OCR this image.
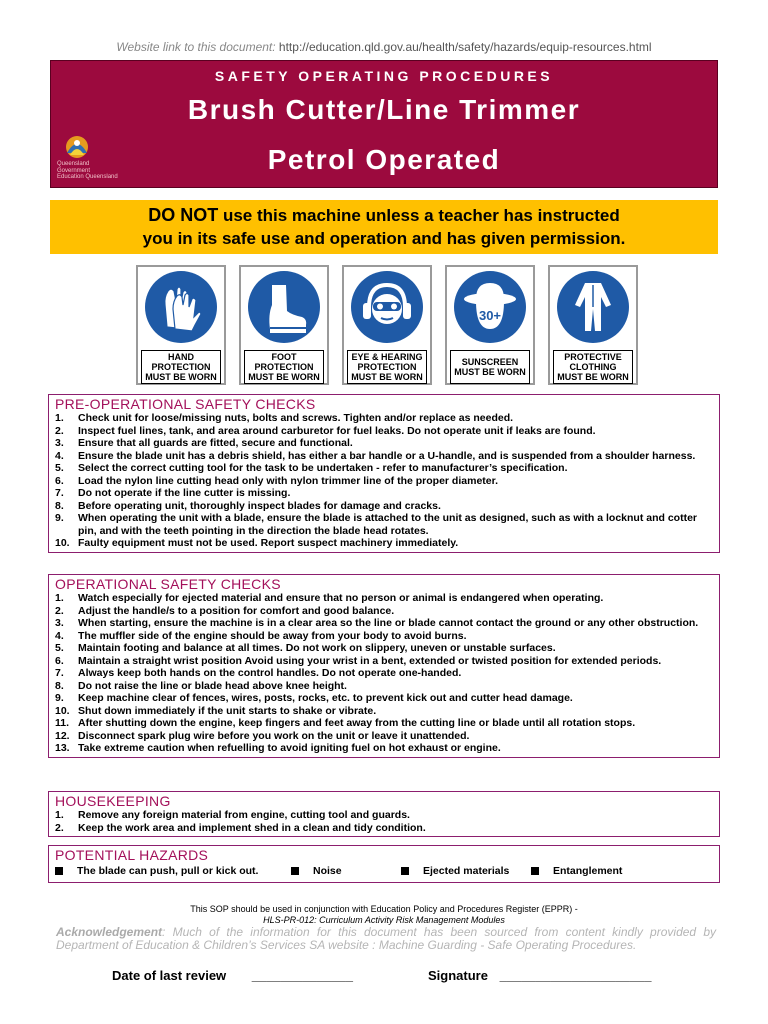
Website link to this document: http://education.qld.gov.au/health/safety/hazards/equip-resources.html
SAFETY OPERATING PROCEDURES
Brush Cutter/Line Trimmer
Petrol Operated
Queensland
Government
Education Queensland
DO NOT use this machine unless a teacher has instructed
you in its safe use and operation and has given permission.
HAND
PROTECTION
MUST BE WORN
FOOT
PROTECTION
MUST BE WORN
EYE & HEARING
PROTECTION
MUST BE WORN
30+
SUNSCREEN
MUST BE WORN
PROTECTIVE
CLOTHING
MUST BE WORN
PRE-OPERATIONAL SAFETY CHECKS
1. Check unit for loose/missing nuts, bolts and screws. Tighten and/or replace as needed.
2. Inspect fuel lines, tank, and area around carburetor for fuel leaks. Do not operate unit if leaks are found.
3. Ensure that all guards are fitted, secure and functional.
4. Ensure the blade unit has a debris shield, has either a bar handle or a U-handle, and is suspended from a shoulder harness.
5. Select the correct cutting tool for the task to be undertaken - refer to manufacturer’s specification.
6. Load the nylon line cutting head only with nylon trimmer line of the proper diameter.
7. Do not operate if the line cutter is missing.
8. Before operating unit, thoroughly inspect blades for damage and cracks.
9. When operating the unit with a blade, ensure the blade is attached to the unit as designed, such as with a locknut and cotter pin, and with the teeth pointing in the direction the blade head rotates.
10. Faulty equipment must not be used. Report suspect machinery immediately.
OPERATIONAL SAFETY CHECKS
1. Watch especially for ejected material and ensure that no person or animal is endangered when operating.
2. Adjust the handle/s to a position for comfort and good balance.
3. When starting, ensure the machine is in a clear area so the line or blade cannot contact the ground or any other obstruction.
4. The muffler side of the engine should be away from your body to avoid burns.
5. Maintain footing and balance at all times. Do not work on slippery, uneven or unstable surfaces.
6. Maintain a straight wrist position Avoid using your wrist in a bent, extended or twisted position for extended periods.
7. Always keep both hands on the control handles. Do not operate one-handed.
8. Do not raise the line or blade head above knee height.
9. Keep machine clear of fences, wires, posts, rocks, etc. to prevent kick out and cutter head damage.
10. Shut down immediately if the unit starts to shake or vibrate.
11. After shutting down the engine, keep fingers and feet away from the cutting line or blade until all rotation stops.
12. Disconnect spark plug wire before you work on the unit or leave it unattended.
13. Take extreme caution when refuelling to avoid igniting fuel on hot exhaust or engine.
HOUSEKEEPING
1. Remove any foreign material from engine, cutting tool and guards.
2. Keep the work area and implement shed in a clean and tidy condition.
POTENTIAL HAZARDS
The blade can push, pull or kick out.	Noise	Ejected materials	Entanglement
This SOP should be used in conjunction with Education Policy and Procedures Register (EPPR) -
HLS-PR-012: Curriculum Activity Risk Management Modules
Acknowledgement: Much of the information for this document has been sourced from content kindly provided by Department of Education & Children’s Services SA website : Machine Guarding - Safe Operating Procedures.
Date of last review ______________	Signature _____________________
